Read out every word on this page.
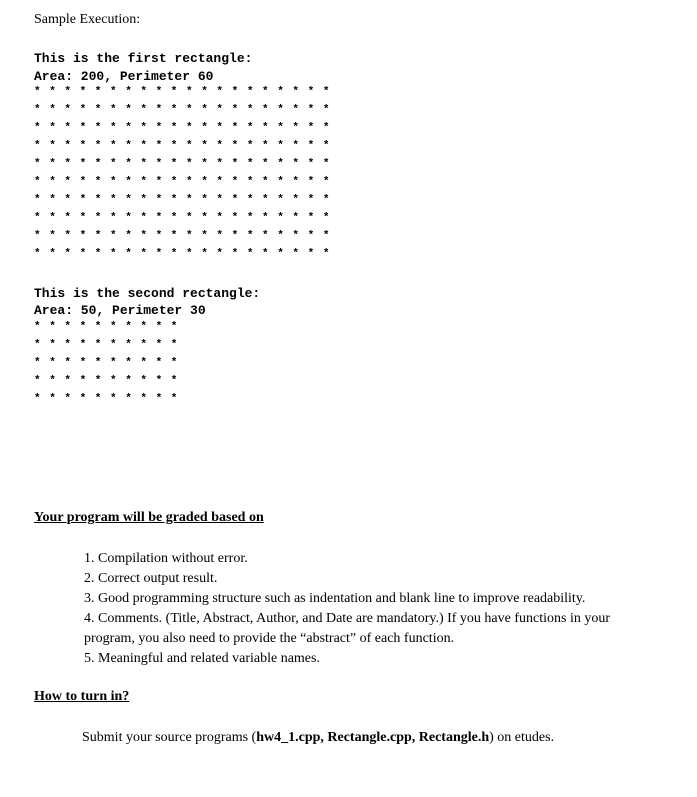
Sample Execution:
This is the first rectangle:
Area: 200, Perimeter 60
********************
********************
********************
********************
********************
********************
********************
********************
********************
********************
This is the second rectangle:
Area: 50, Perimeter 30
**********
**********
**********
**********
**********
Your program will be graded based on
1. Compilation without error.
2. Correct output result.
3. Good programming structure such as indentation and blank line to improve readability.
4. Comments. (Title, Abstract, Author, and Date are mandatory.) If you have functions in your program, you also need to provide the “abstract” of each function.
5. Meaningful and related variable names.
How to turn in?
Submit your source programs (hw4_1.cpp, Rectangle.cpp, Rectangle.h) on etudes.
